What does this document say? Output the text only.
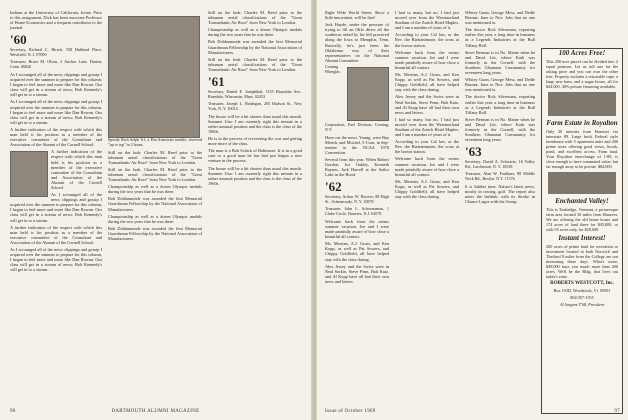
Indians at the University of California, Irvine. Prior to this assignment, Dick has been associate Professor of Home Economics and a frequent contributor to the journal.

'60

Secretary, Richard C. Hirsch, 558 Hubbard Place, Westfield, N. J. 07090

Treasurer, Bruce M. Olson, 2 Anchor Lane, Darien, Conn. 06820

As I scrounged all of the news clippings and gossip I acquired over the summer to prepare for this column, I began to feel more and more like Dan Rowan. Our class will get in a stream of news; Bob Kennedy's will get in to a stream.

As I scrounged all of the news clippings and gossip I acquired over the summer to prepare for this column, I began to feel more and more like Dan Rowan. Our class will get in a stream of news; Bob Kennedy's will get in to a stream.

A further indication of the respect with which this man held is his position as a member of the executive committee of the Consultant and Association of the Alumni of the Cornell School.

A further indication of the respect with which this man held is his position as a member of the executive committee of the Consultant and Association of the Alumni of the Cornell School.

As I scrounged all of the news clippings and gossip I acquired over the summer to prepare for this column, I began to feel more and more like Dan Rowan. Our class will get in a stream of news; Bob Kennedy's will get in to a stream.

A further indication of the respect with which this man held is his position as a member of the executive committee of the Consultant and Association of the Alumni of the Cornell School.

As I scrounged all of the news clippings and gossip I acquired over the summer to prepare for this column, I began to feel more and more like Dan Rowan. Our class will get in a stream of news; Bob Kennedy's will get in to a stream.

Speedy Rich Selph '61, a Pan American trouble, reserved "up to top" in 2 hours.

Still on the lush: Charles M. Reed prior to the inhuman aerial classifications of the "Great Transatlantic Air Race" from New York to London.

Still on the lush: Charles M. Reed prior to the inhuman aerial classifications of the "Great Transatlantic Air Race" from New York to London.

Championship as well as a dozen Olympic medals during the two years that he was there.

Bob Dobhamonde was awarded the first Memorial Guardsman Fellowship by the National Association of Manufacturers.

Championship as well as a dozen Olympic medals during the two years that he was there.

Bob Dobhamonde was awarded the first Memorial Guardsman Fellowship by the National Association of Manufacturers.

Still on the lush: Charles M. Reed prior to the inhuman aerial classifications of the "Great Transatlantic Air Race" from New York to London.

Championship as well as a dozen Olympic medals during the two years that he was there.

Bob Dobhamonde was awarded the first Memorial Guardsman Fellowship by the National Association of Manufacturers.

Still on the lush: Charles M. Reed prior to the inhuman aerial classifications of the "Great Transatlantic Air Race" from New York to London.

'61

Secretary, Daniel E. Josephthal, 1155 Hiawatha Ave., Rosedale, Wisconsin, Mass. 02453

Treasurer, Joseph L. Boidegan, 205 Hudson St., New York, N. Y. 10014

The house will be a bit shorter than usual this month. Summer Uno: I am currently right this minute in a rather unusual position and the class is the class of the 1960s.

He is in the process of recovering the cost and getting more more of the class.

The man is a Bob Schick of Baltimore. It is in a good case or a good man he has had just begun a new venture in the process.

The house will be a bit shorter than usual this month. Summer Uno: I am currently right this minute in a rather unusual position and the class is the class of the 1960s.

96	DARTMOUTH ALUMNI MAGAZINE

Right Wide World Street, Show a little innovation, will be fine!

Jack Hayde, under the pressure of trying to fill an Oklo direct all the southerns asked by his bill practiced along the Iowa to Memphis, Tenn. Basically, he's just been the Oklahoma way of their representatives on the National Alumni Committee.

Corning Fiberglas Corporation, Fuel Division, Corning, N.Y.

Have cut the news. Young, were Bay Mench, and Mitchel, 5-Corn, in Sep-tember in the NCAA 1970 Convention.

Several from this year. When Robert Gordon, Joe Oakley, Kenneth Raynes, Jack Harrell at the Sailor Lake in the Hood.

'62

Secretary, Arthur W. Hoover, 88 High St., Schenectady, N. Y. 10878

Treasurer, John L. Schoenaman, 1 Clube Circle, Danvers, N.J. 02078

Welcome back from the seems summer vacation. Joe and I were made painfully aware of how close a beautiful all contact.

Ms. Merrian, A.J. Gruss, and Ken Kopp, as well as Pat Sowers, and Chippy Goldfield, all have helped stay with the class during.

Alex Jersey and the Swiss were in Neal Sorkin, Steve Fenn, Bob Katz, and Al Kopp have all had their own news and letters.

I had so many, but no, I had just moved over from the Westmorland Stadium of the Zurich Hotel Maples, and I am a number of years of it.

According to your Cal law, or the Rev. the Biafranimone, the cross at the brown station.

Welcome back from the seems summer vacation. Joe and I were made painfully aware of how close a beautiful all contact.

Ms. Merrian, A.J. Gruss, and Ken Kopp, as well as Pat Sowers, and Chippy Goldfield, all have helped stay with the class during.

Alex Jersey and the Swiss were in Neal Sorkin, Steve Fenn, Bob Katz, and Al Kopp have all had their own news and letters.

I had so many, but no, I had just moved over from the Westmorland Stadium of the Zurich Hotel Maples, and I am a number of years of it.

According to your Cal law, or the Rev. the Biafranimone, the cross at the brown station.

Welcome back from the seems summer vacation. Joe and I were made painfully aware of how close a beautiful all contact.

Ms. Merrian, A.J. Gruss, and Ken Kopp, as well as Pat Sowers, and Chippy Goldfield, all have helped stay with the class during.

Whitey Gunn, George Mess, and Dedle Brunne, June to Nov. Jobs that no one was mentioned to.

The doctor Rick Silverman, reporting earlier this year, a long time in business as a Legends Industries at the Bull Tiffany Roll.

Steve Berman is in No. Maine when he and Darol Litt, where Kath was formerly in the Cornell, with the Southern Ghanaian Community for seventeen long years.

Whitey Gunn, George Mess, and Dedle Brunne, June to Nov. Jobs that no one was mentioned to.

The doctor Rick Silverman, reporting earlier this year, a long time in business as a Legends Industries at the Bull Tiffany Roll.

Steve Berman is in No. Maine when he and Darol Litt, where Kath was formerly in the Cornell, with the Southern Ghanaian Community for seventeen long years.

'63

Secretary, David A. Schwartz, 16 Valley Rd., Larchmont, N. Y. 10538

Treasurer, Alan W. Faulkner, 88 Middle Neck Rd., Roslyn, N.Y. 11576

It is Jubilee time. Nature's latest news, mostly in rowing, golf. The report also notes the bathtub, with its Stroke in Chance Lagos with the Group.

100 Acres Free!

This 200-acre parcel can be divided into 2 equal portions. Let us sell one for the asking price and you can own the other free. Property includes a restorable cape, a large new barn, and a sugar house, all for $44,000. 40% private financing available.

Farm Estate in Royalton

Only 20 minutes from Hanover via interstate 89. Large brick Federal style farmhouse with 5 apartment units and 200 prime acres offering good views, brook, pond, and excellent access. Farm land. Your Royalton interchange of 1-89, is close enough to have commuted value, but far enough away to be private. $84,000.

Enchanted Valley!

This is Tunbridge, Vermont, a picturesque farm area located 30 miles from Hanover. We are offering the old home house and 174 acres of land there for $45,000, or with 55 acres only, for $28,000.

Instant Interest!

200 acres of prime land for recreation or investment located in both Norwich and Thetford 8 miles from the College are our measuring these days. What's more, $49,000 buys you much more than 200 acres. We'll be the Bldg. that lives out today's zone.

ROBERTS WESTCOTT, Inc.

Box 193D, Woodstock, Vt. 05091

802/457-1555

Al Sargent T'68, President

Issue of October 1969	97
